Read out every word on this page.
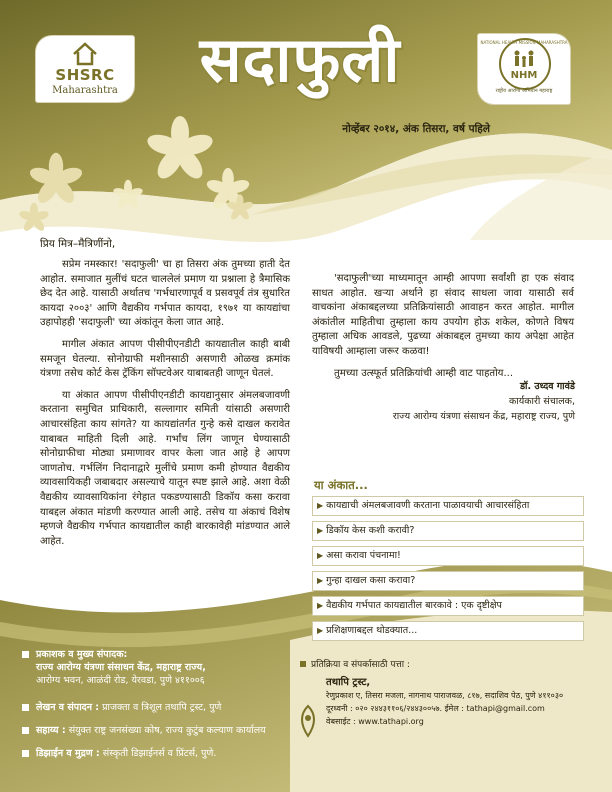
SHSRC
Maharashtra	सदाफुली	NATIONAL HEALTH MISSION MAHARASHTRA
NHM
राष्ट्रीय आरोग्य अभियान महाराष्ट्र
नोव्हेंबर २०१४, अंक तिसरा, वर्ष पहिले
प्रिय मित्र–मैत्रिणींनो,

सप्रेम नमस्कार! 'सदाफुली' चा हा तिसरा अंक तुमच्या हाती देत आहोत. समाजात मुलींचं घटत चाललेलं प्रमाण या प्रश्नाला हे त्रैमासिक छेद देत आहे. यासाठी अर्थातच 'गर्भधारणापूर्व व प्रसवपूर्व तंत्र सुधारित कायदा २००३' आणि वैद्यकीय गर्भपात कायदा, १९७१ या कायद्यांचा उहापोहही 'सदाफुली' च्या अंकांतून केला जात आहे.

मागील अंकात आपण पीसीपीएनडीटी कायद्यातील काही बाबी समजून घेतल्या. सोनोग्राफी मशीनसाठी असणारी ओळख क्रमांक यंत्रणा तसेच कोर्ट केस ट्रॅकिंग सॉफ्टवेअर याबाबतही जाणून घेतलं.

या अंकात आपण पीसीपीएनडीटी कायद्यानुसार अंमलबजावणी करताना समुचित प्राधिकारी, सल्लागार समिती यांसाठी असणारी आचारसंहिता काय सांगते? या कायद्यांतर्गत गुन्हे कसे दाखल करावेत याबाबत माहिती दिली आहे. गर्भांच लिंग जाणून घेण्यासाठी सोनोग्राफीचा मोठ्या प्रमाणावर वापर केला जात आहे हे आपण जाणतोच. गर्भलिंग निदानाद्वारे मुलींचे प्रमाण कमी होण्यात वैद्यकीय व्यावसायिकही जबाबदार असल्याचे यातून स्पष्ट झाले आहे. अशा वेळी वैद्यकीय व्यावसायिकांना रंगेहात पकडण्यासाठी डिकॉय कसा करावा याबद्दल अंकात मांडणी करण्यात आली आहे. तसेच या अंकाचं विशेष म्हणजे वैद्यकीय गर्भपात कायद्यातील काही बारकावेही मांडण्यात आले आहेत.

'सदाफुली'च्या माध्यमातून आम्ही आपणा सर्वांशी हा एक संवाद साधत आहोत. खऱ्या अर्थाने हा संवाद साधला जावा यासाठी सर्व वाचकांना अंकाबद्दलच्या प्रतिक्रियांसाठी आवाहन करत आहोत. मागील अंकांतील माहितीचा तुम्हाला काय उपयोग होऊ शकेल, कोणते विषय तुम्हाला अधिक आवडले, पुढच्या अंकाबद्दल तुमच्या काय अपेक्षा आहेत याविषयी आम्हाला जरूर कळवा!

तुमच्या उत्स्फूर्त प्रतिक्रियांची आम्ही वाट पाहतोय...

डॉ. उध्दव गावंडे
कार्यकारी संचालक,
राज्य आरोग्य यंत्रणा संसाधन केंद्र, महाराष्ट्र राज्य, पुणे
या अंकात...
▶ कायद्याची अंमलबजावणी करताना पाळावयाची आचारसंहिता
▶ डिकॉय केस कशी करावी?
▶ असा करावा पंचनामा!
▶ गुन्हा दाखल कसा करावा?
▶ वैद्यकीय गर्भपात कायद्यातील बारकावे : एक दृष्टीक्षेप
▶ प्रशिक्षणाबद्दल थोडक्यात...
प्रकाशक व मुख्य संपादक:
राज्य आरोग्य यंत्रणा संसाधन केंद्र, महाराष्ट्र राज्य,
आरोग्य भवन, आळंदी रोड, येरवडा, पुणे ४११००६
लेखन व संपादन : प्राजक्ता व त्रिशूल तथापि ट्रस्ट, पुणे
सहाय्य : संयुक्त राष्ट्र जनसंख्या कोष, राज्य कुटुंब कल्याण कार्यालय
डिझाईन व मुद्रण : संस्कृती डिझाईनर्स व प्रिंटर्स, पुणे.
प्रतिक्रिया व संपर्कासाठी पत्ता :
तथापि ट्रस्ट,
रेणुप्रकाश ए, तिसरा मजला, नागनाथ पाराजवळ, ८१७, सदाशिव पेठ, पुणे ४११०३०
दूरध्वनी : ०२० २४४३११०६/२४४३००५७. ईमेल : tathapi@gmail.com
वेबसाईट : www.tathapi.org
